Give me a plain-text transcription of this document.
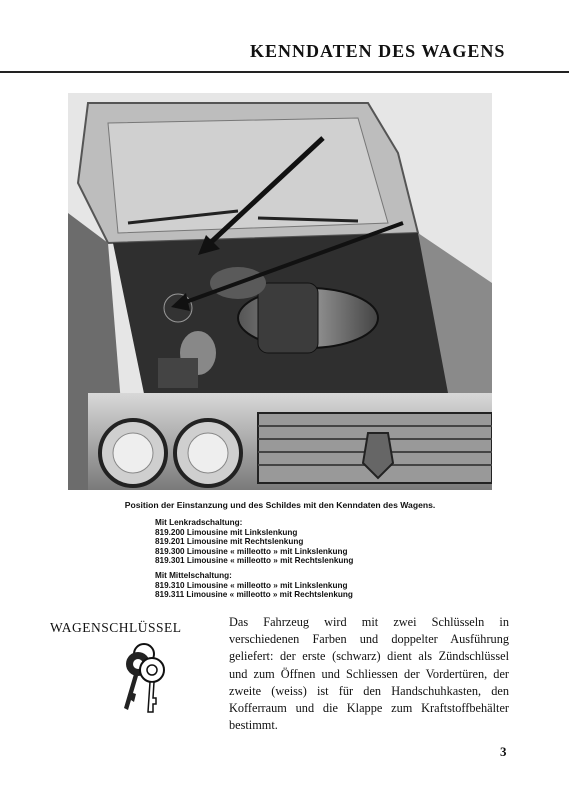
KENNDATEN DES WAGENS
Position der Einstanzung und des Schildes mit den Kenndaten des Wagens.
Mit Lenkradschaltung:
819.200 Limousine mit Linkslenkung
819.201 Limousine mit Rechtslenkung
819.300 Limousine « milleotto » mit Linkslenkung
819.301 Limousine « milleotto » mit Rechtslenkung
Mit Mittelschaltung:
819.310 Limousine « milleotto » mit Linkslenkung
819.311 Limousine « milleotto » mit Rechtslenkung
WAGENSCHLÜSSEL	Das Fahrzeug wird mit zwei Schlüsseln in verschiedenen Farben und doppelter Ausführung geliefert: der erste (schwarz) dient als Zündschlüssel und zum Öffnen und Schliessen der Vordertüren, der zweite (weiss) ist für den Handschuhkasten, den Kofferraum und die Klappe zum Kraftstoffbehälter bestimmt.
3
